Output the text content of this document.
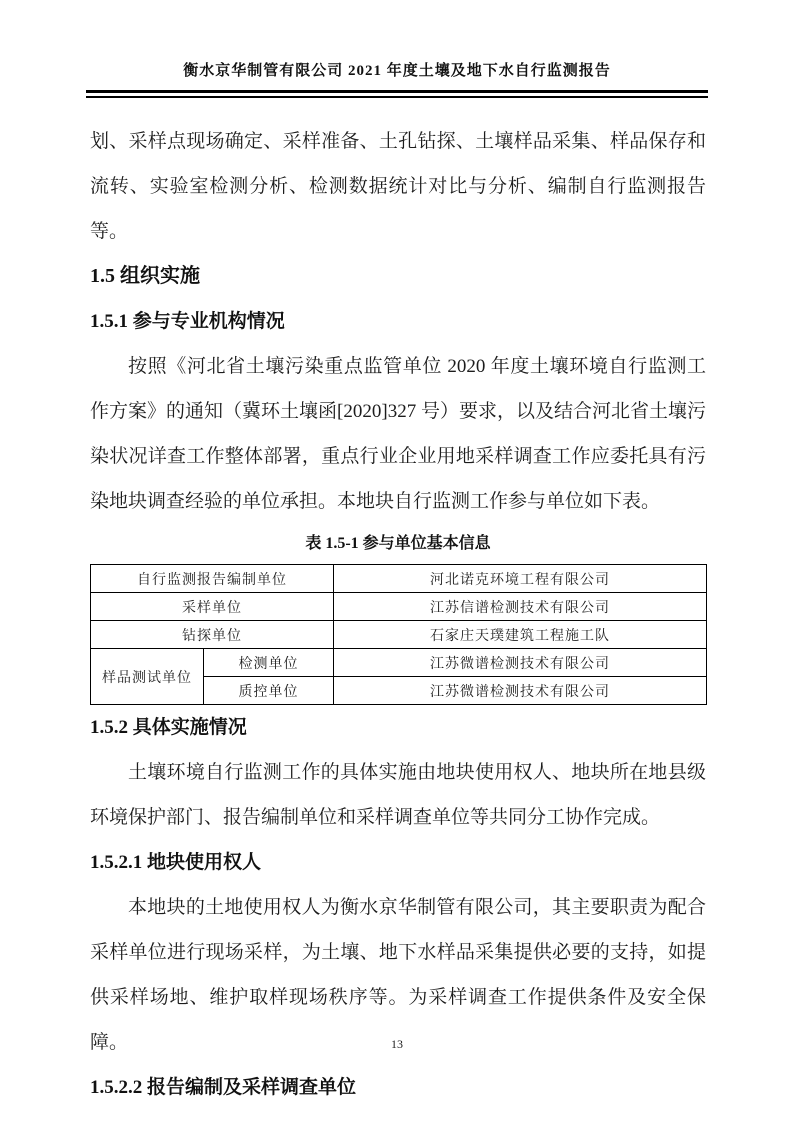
衡水京华制管有限公司 2021 年度土壤及地下水自行监测报告

划、采样点现场确定、采样准备、土孔钻探、土壤样品采集、样品保存和流转、实验室检测分析、检测数据统计对比与分析、编制自行监测报告等。

1.5 组织实施
1.5.1 参与专业机构情况

按照《河北省土壤污染重点监管单位 2020 年度土壤环境自行监测工作方案》的通知（冀环土壤函[2020]327 号）要求，以及结合河北省土壤污染状况详查工作整体部署，重点行业企业用地采样调查工作应委托具有污染地块调查经验的单位承担。本地块自行监测工作参与单位如下表。

表 1.5-1 参与单位基本信息
自行监测报告编制单位		河北诺克环境工程有限公司
采样单位		江苏信谱检测技术有限公司
钻探单位		石家庄天璞建筑工程施工队
样品测试单位	检测单位	江苏微谱检测技术有限公司
	质控单位	江苏微谱检测技术有限公司
1.5.2 具体实施情况

土壤环境自行监测工作的具体实施由地块使用权人、地块所在地县级环境保护部门、报告编制单位和采样调查单位等共同分工协作完成。

1.5.2.1 地块使用权人

本地块的土地使用权人为衡水京华制管有限公司，其主要职责为配合采样单位进行现场采样，为土壤、地下水样品采集提供必要的支持，如提供采样场地、维护取样现场秩序等。为采样调查工作提供条件及安全保障。

1.5.2.2 报告编制及采样调查单位
13
